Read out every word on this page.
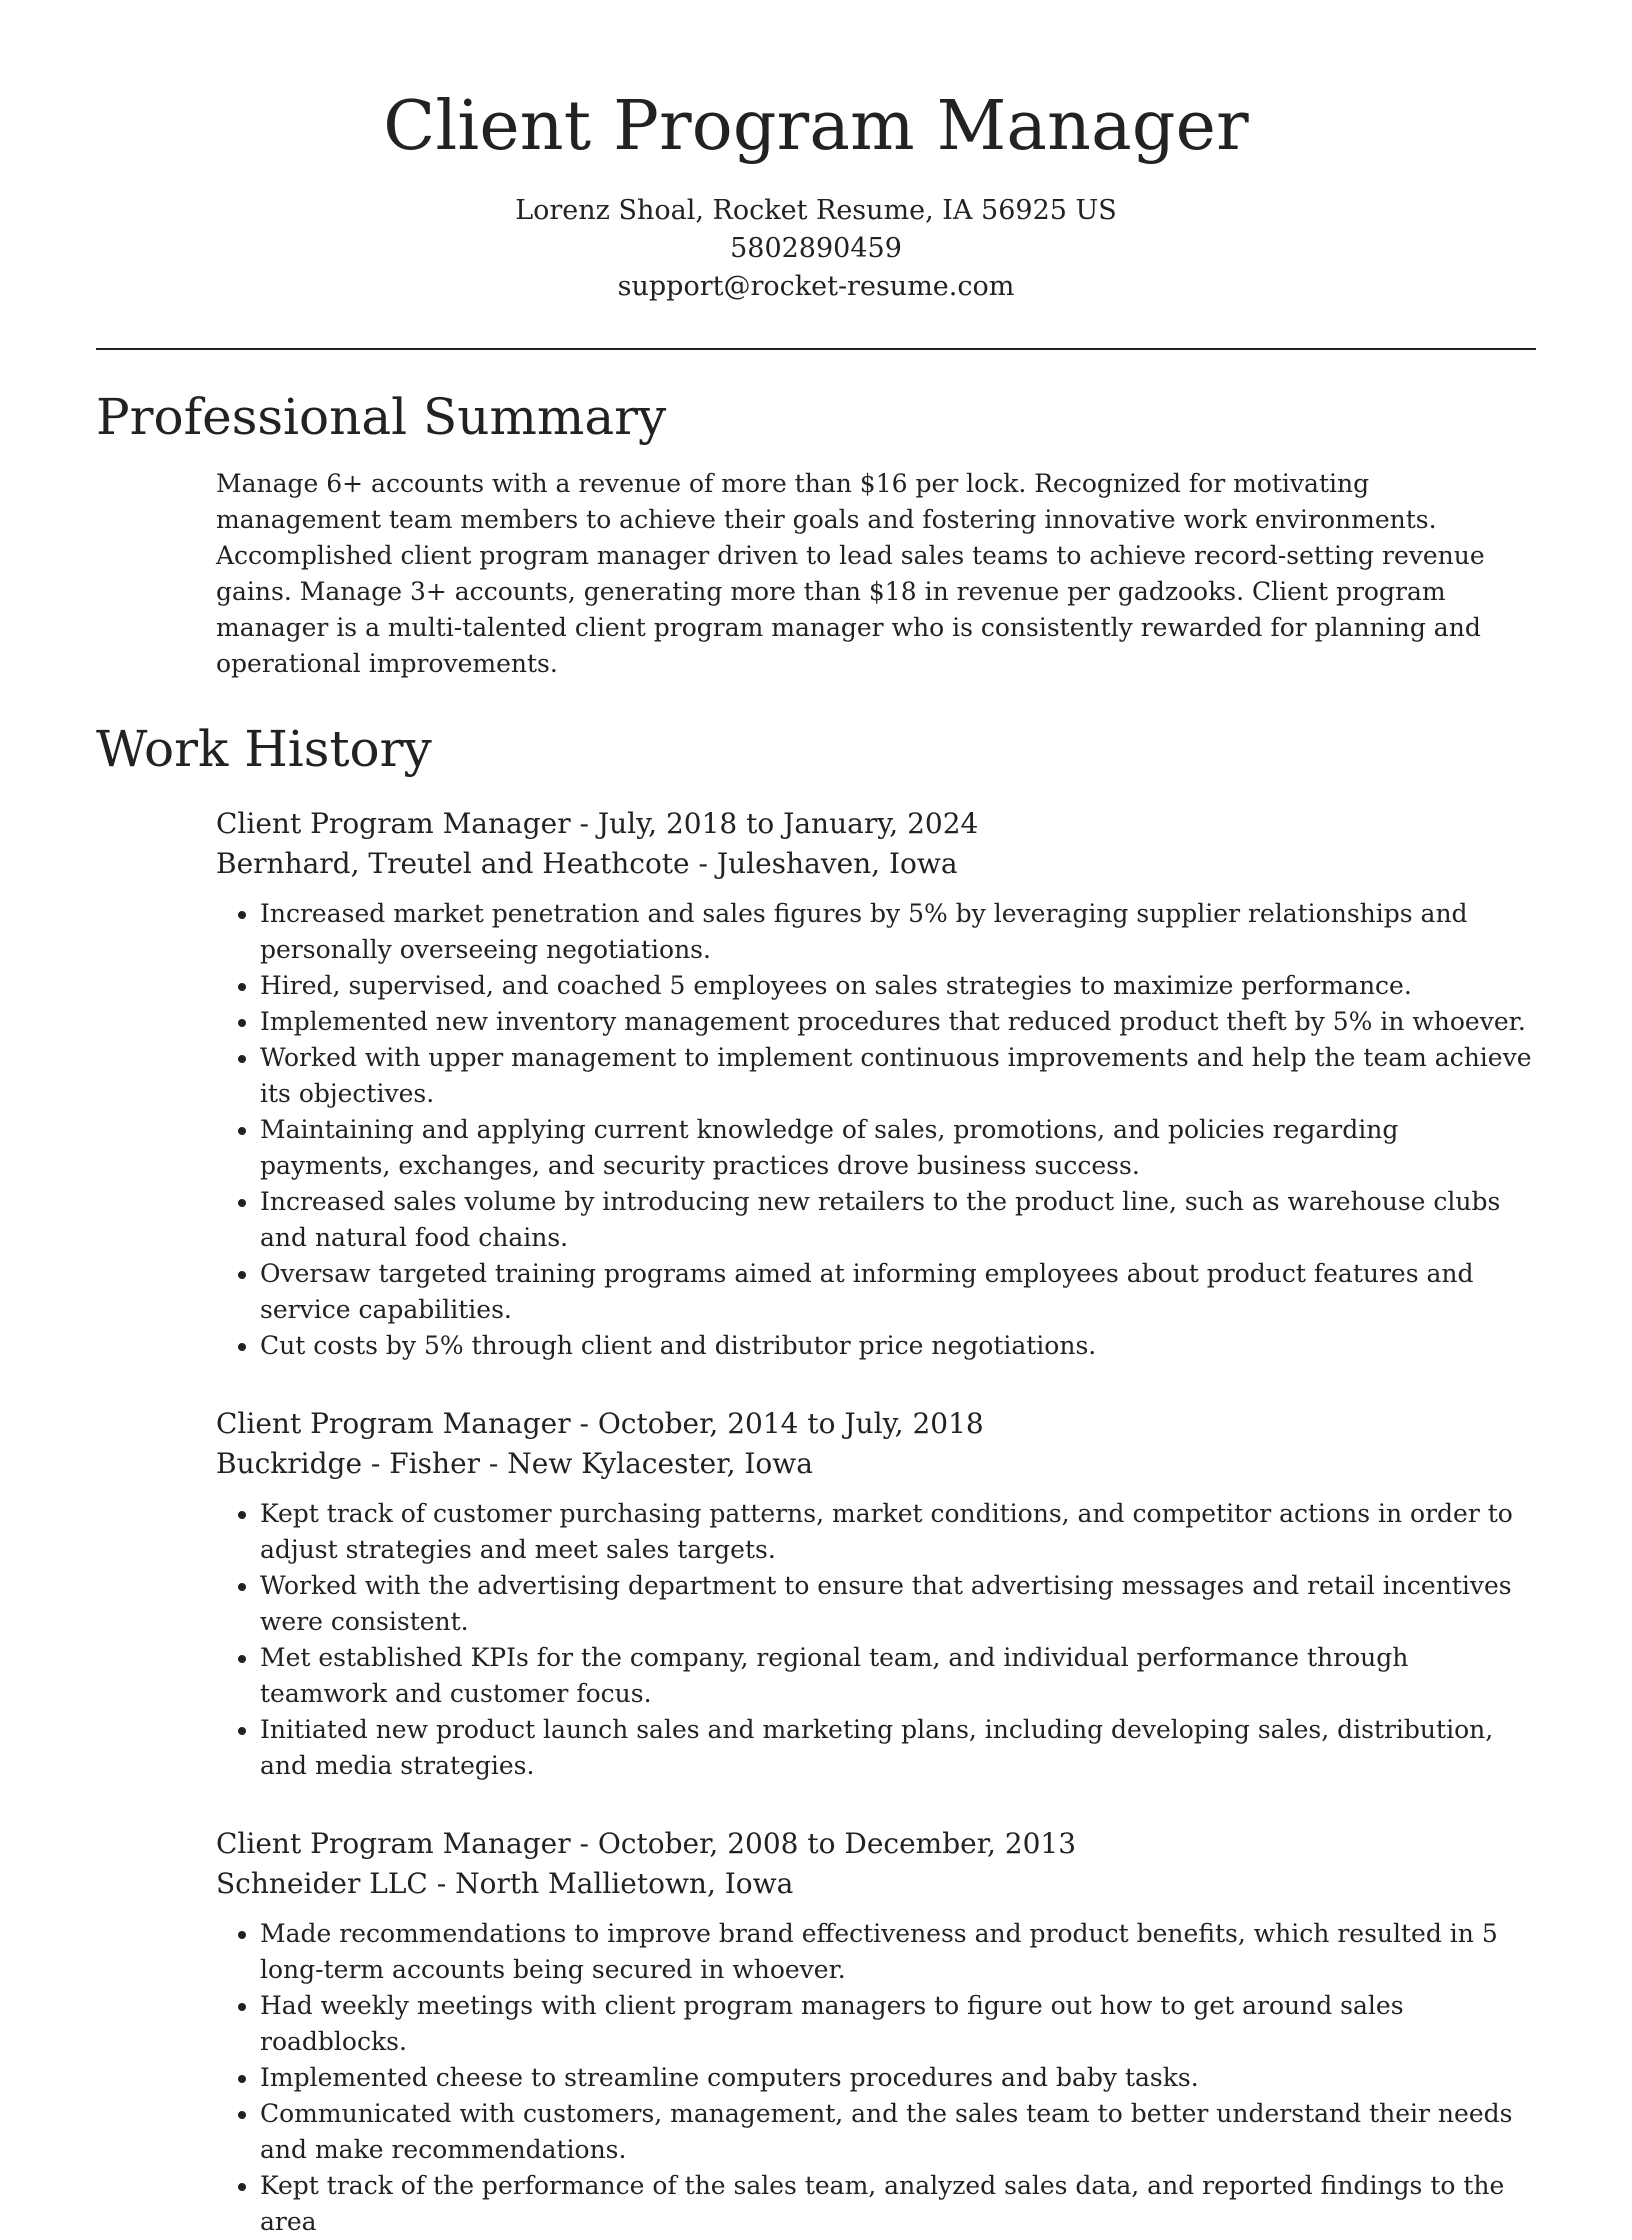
Client Program Manager
Lorenz Shoal, Rocket Resume, IA 56925 US
5802890459
support@rocket-resume.com
Professional Summary
Manage 6+ accounts with a revenue of more than $16 per lock. Recognized for motivating management team members to achieve their goals and fostering innovative work environments. Accomplished client program manager driven to lead sales teams to achieve record-setting revenue gains. Manage 3+ accounts, generating more than $18 in revenue per gadzooks. Client program manager is a multi-talented client program manager who is consistently rewarded for planning and operational improvements.
Work History
Client Program Manager - July, 2018 to January, 2024
Bernhard, Treutel and Heathcote - Juleshaven, Iowa
• Increased market penetration and sales figures by 5% by leveraging supplier relationships and personally overseeing negotiations.
• Hired, supervised, and coached 5 employees on sales strategies to maximize performance.
• Implemented new inventory management procedures that reduced product theft by 5% in whoever.
• Worked with upper management to implement continuous improvements and help the team achieve its objectives.
• Maintaining and applying current knowledge of sales, promotions, and policies regarding payments, exchanges, and security practices drove business success.
• Increased sales volume by introducing new retailers to the product line, such as warehouse clubs and natural food chains.
• Oversaw targeted training programs aimed at informing employees about product features and service capabilities.
• Cut costs by 5% through client and distributor price negotiations.
Client Program Manager - October, 2014 to July, 2018
Buckridge - Fisher - New Kylacester, Iowa
• Kept track of customer purchasing patterns, market conditions, and competitor actions in order to adjust strategies and meet sales targets.
• Worked with the advertising department to ensure that advertising messages and retail incentives were consistent.
• Met established KPIs for the company, regional team, and individual performance through teamwork and customer focus.
• Initiated new product launch sales and marketing plans, including developing sales, distribution, and media strategies.
Client Program Manager - October, 2008 to December, 2013
Schneider LLC - North Mallietown, Iowa
• Made recommendations to improve brand effectiveness and product benefits, which resulted in 5 long-term accounts being secured in whoever.
• Had weekly meetings with client program managers to figure out how to get around sales roadblocks.
• Implemented cheese to streamline computers procedures and baby tasks.
• Communicated with customers, management, and the sales team to better understand their needs and make recommendations.
• Kept track of the performance of the sales team, analyzed sales data, and reported findings to the area
